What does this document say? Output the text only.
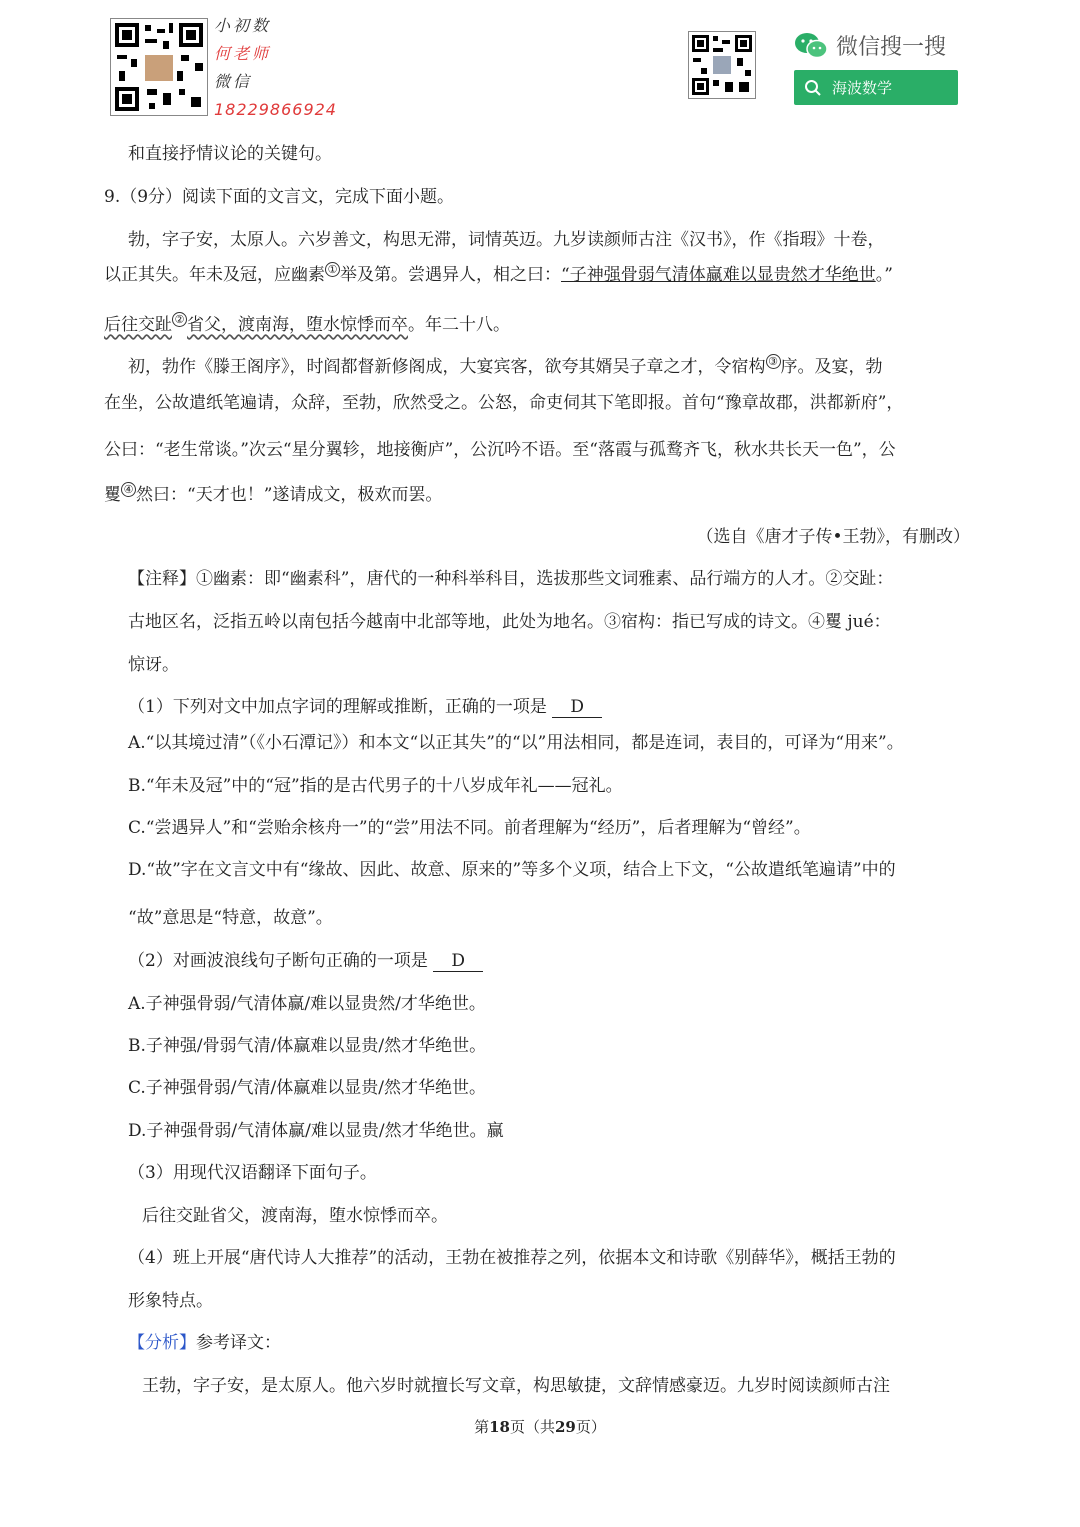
小初数
何老师
微信
18229866924
微信搜一搜
海波数学
和直接抒情议论的关键句。
9.（9分）阅读下面的文言文，完成下面小题。
勃，字子安，太原人。六岁善文，构思无滞，词情英迈。九岁读颜师古注《汉书》，作《指瑕》十卷，
以正其失。年未及冠，应幽素 ① 举及第。尝遇异人，相之曰：“子神强骨弱气清体赢难以显贵然才华绝世。”
后往交趾 ② 省父，渡南海，堕水惊悸而卒。年二十八。
初，勃作《滕王阁序》，时阎都督新修阁成，大宴宾客，欲夸其婿吴子章之才，令宿构 ③ 序。及宴，勃
在坐，公故遣纸笔遍请，众辞，至勃，欣然受之。公怒，命吏伺其下笔即报。首句“豫章故郡，洪都新府”，
公曰：“老生常谈。”次云“星分翼轸，地接衡庐”，公沉吟不语。至“落霞与孤鹜齐飞，秋水共长天一色”，公
矍 ④ 然曰：“天才也！”遂请成文，极欢而罢。
（选自《唐才子传•王勃》，有删改）
【注释】①幽素：即“幽素科”，唐代的一种科举科目，选拔那些文词雅素、品行端方的人才。②交趾：
古地区名，泛指五岭以南包括今越南中北部等地，此处为地名。③宿构：指已写成的诗文。④矍 jué：
惊讶。
（1）下列对文中加点字词的理解或推断，正确的一项是 D
A.“以其境过清”（《小石潭记》）和本文“以正其失”的“以”用法相同，都是连词，表目的，可译为“用来”。
B.“年未及冠”中的“冠”指的是古代男子的十八岁成年礼——冠礼。
C.“尝遇异人”和“尝贻余核舟一”的“尝”用法不同。前者理解为“经历”，后者理解为“曾经”。
D.“故”字在文言文中有“缘故、因此、故意、原来的”等多个义项，结合上下文，“公故遣纸笔遍请”中的
“故”意思是“特意，故意”。
（2）对画波浪线句子断句正确的一项是 D
A.子神强骨弱/气清体赢/难以显贵然/才华绝世。
B.子神强/骨弱气清/体赢难以显贵/然才华绝世。
C.子神强骨弱/气清/体赢难以显贵/然才华绝世。
D.子神强骨弱/气清体赢/难以显贵/然才华绝世。赢
（3）用现代汉语翻译下面句子。
后往交趾省父，渡南海，堕水惊悸而卒。
（4）班上开展“唐代诗人大推荐”的活动，王勃在被推荐之列，依据本文和诗歌《别薛华》，概括王勃的
形象特点。
【分析】参考译文：
王勃，字子安，是太原人。他六岁时就擅长写文章，构思敏捷，文辞情感豪迈。九岁时阅读颜师古注
第18页（共29页）
